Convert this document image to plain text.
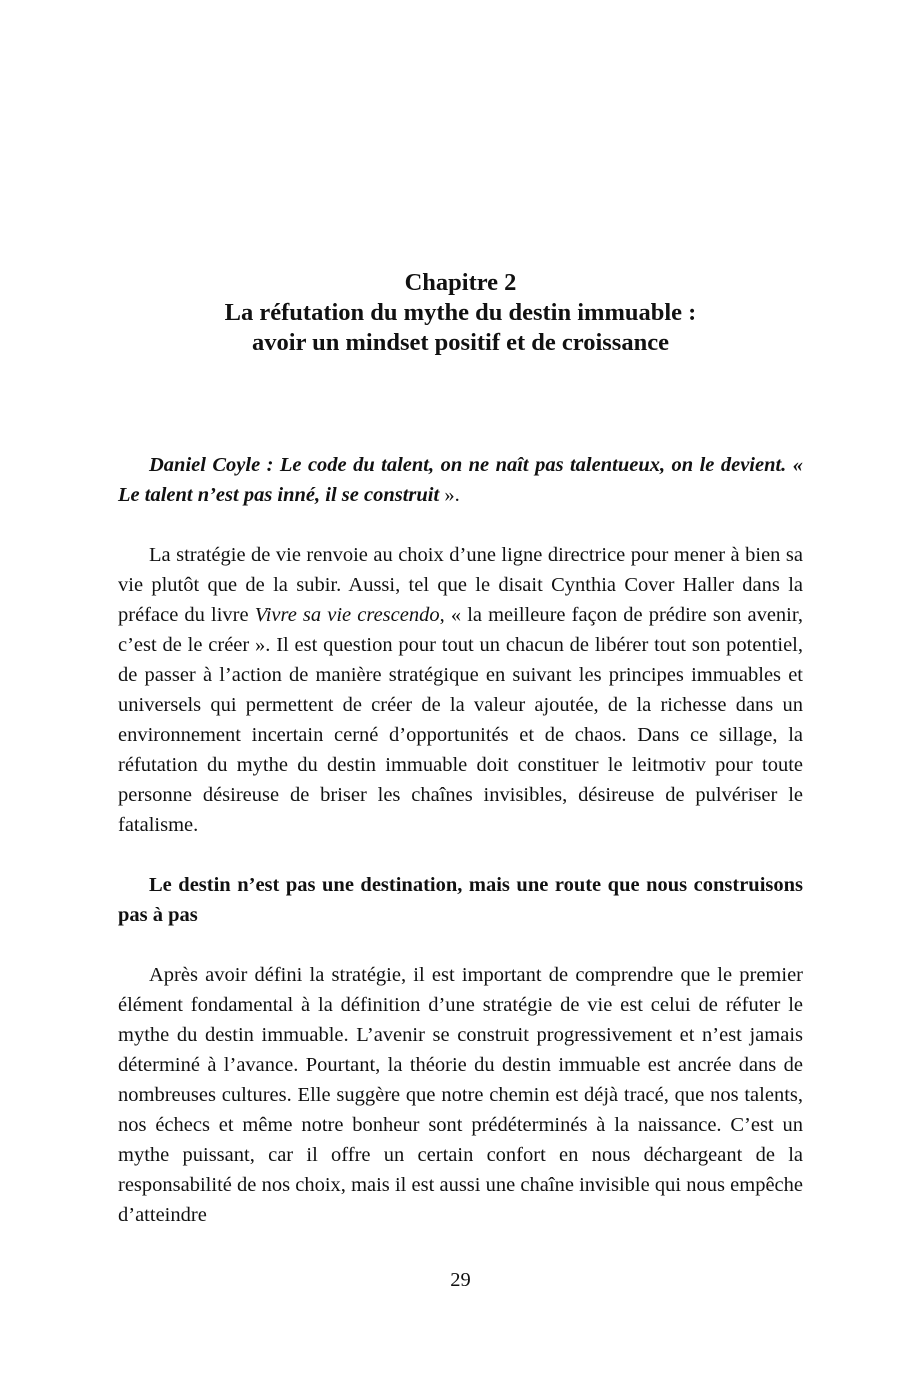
Chapitre 2
La réfutation du mythe du destin immuable :
avoir un mindset positif et de croissance

Daniel Coyle : Le code du talent, on ne naît pas talentueux, on le devient. « Le talent n’est pas inné, il se construit ».

La stratégie de vie renvoie au choix d’une ligne directrice pour mener à bien sa vie plutôt que de la subir. Aussi, tel que le disait Cynthia Cover Haller dans la préface du livre Vivre sa vie crescendo, « la meilleure façon de prédire son avenir, c’est de le créer ». Il est question pour tout un chacun de libérer tout son potentiel, de passer à l’action de manière stratégique en suivant les principes immuables et universels qui permettent de créer de la valeur ajoutée, de la richesse dans un environnement incertain cerné d’opportunités et de chaos. Dans ce sillage, la réfutation du mythe du destin immuable doit constituer le leitmotiv pour toute personne désireuse de briser les chaînes invisibles, désireuse de pulvériser le fatalisme.

Le destin n’est pas une destination, mais une route que nous construisons pas à pas

Après avoir défini la stratégie, il est important de comprendre que le premier élément fondamental à la définition d’une stratégie de vie est celui de réfuter le mythe du destin immuable. L’avenir se construit progressivement et n’est jamais déterminé à l’avance. Pourtant, la théorie du destin immuable est ancrée dans de nombreuses cultures. Elle suggère que notre chemin est déjà tracé, que nos talents, nos échecs et même notre bonheur sont prédéterminés à la naissance. C’est un mythe puissant, car il offre un certain confort en nous déchargeant de la responsabilité de nos choix, mais il est aussi une chaîne invisible qui nous empêche d’atteindre

29
